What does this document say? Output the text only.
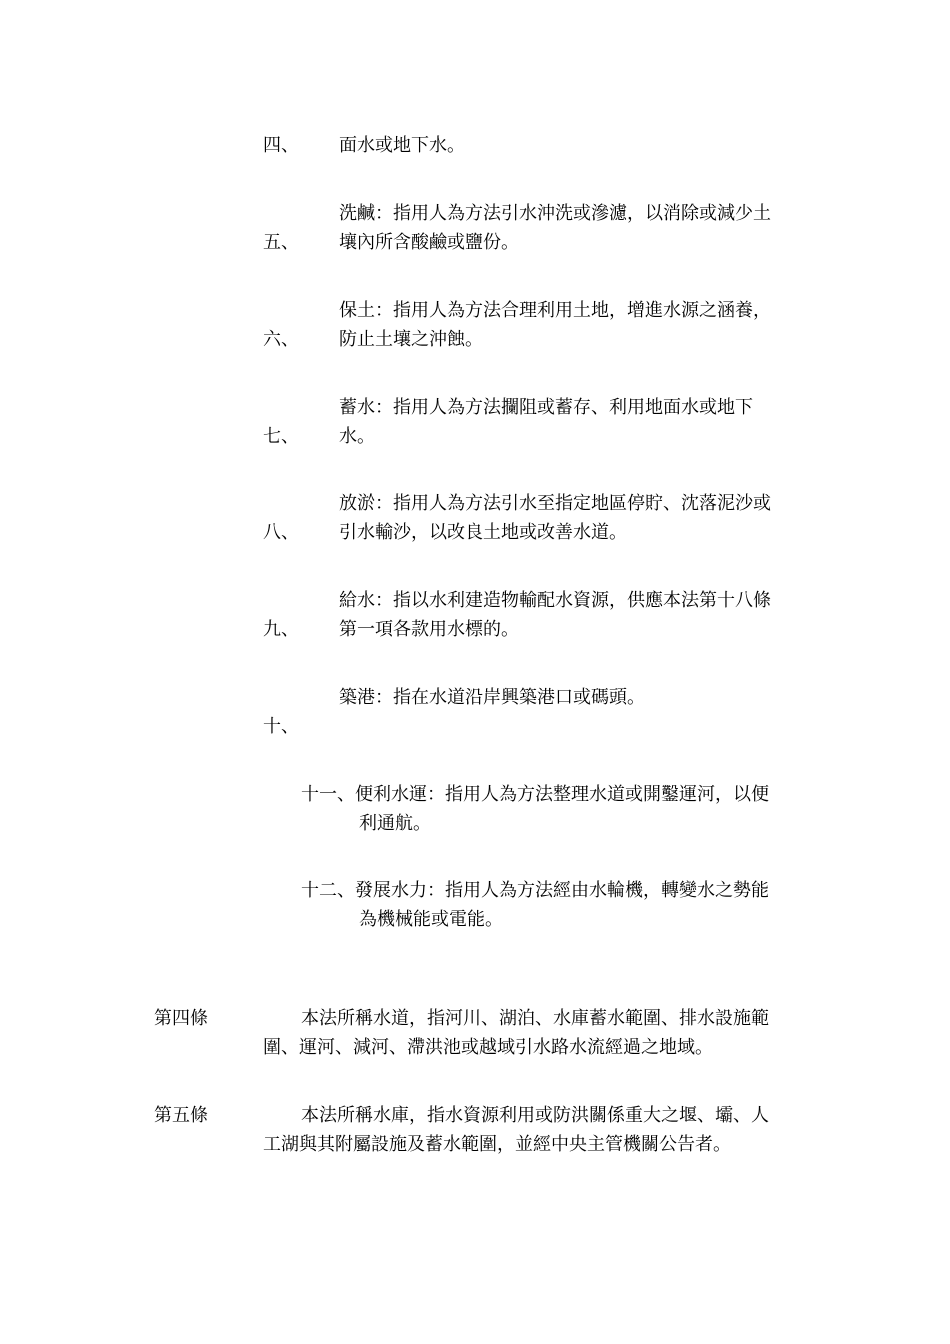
四、 面水或地下水。
洗鹹：指用人為方法引水沖洗或滲濾，以消除或減少土
五、 壤內所含酸鹼或鹽份。
保土：指用人為方法合理利用土地，增進水源之涵養，
六、 防止土壤之沖蝕。
蓄水：指用人為方法攔阻或蓄存、利用地面水或地下
七、 水。
放淤：指用人為方法引水至指定地區停貯、沈落泥沙或
八、 引水輸沙，以改良土地或改善水道。
給水：指以水利建造物輸配水資源，供應本法第十八條
九、 第一項各款用水標的。
築港：指在水道沿岸興築港口或碼頭。
十、
十一、便利水運：指用人為方法整理水道或開鑿運河，以便
利通航。
十二、發展水力：指用人為方法經由水輪機，轉變水之勢能
為機械能或電能。
第四條	本法所稱水道，指河川、湖泊、水庫蓄水範圍、排水設施範
圍、運河、減河、滯洪池或越域引水路水流經過之地域。
第五條	本法所稱水庫，指水資源利用或防洪關係重大之堰、壩、人
工湖與其附屬設施及蓄水範圍，並經中央主管機關公告者。
